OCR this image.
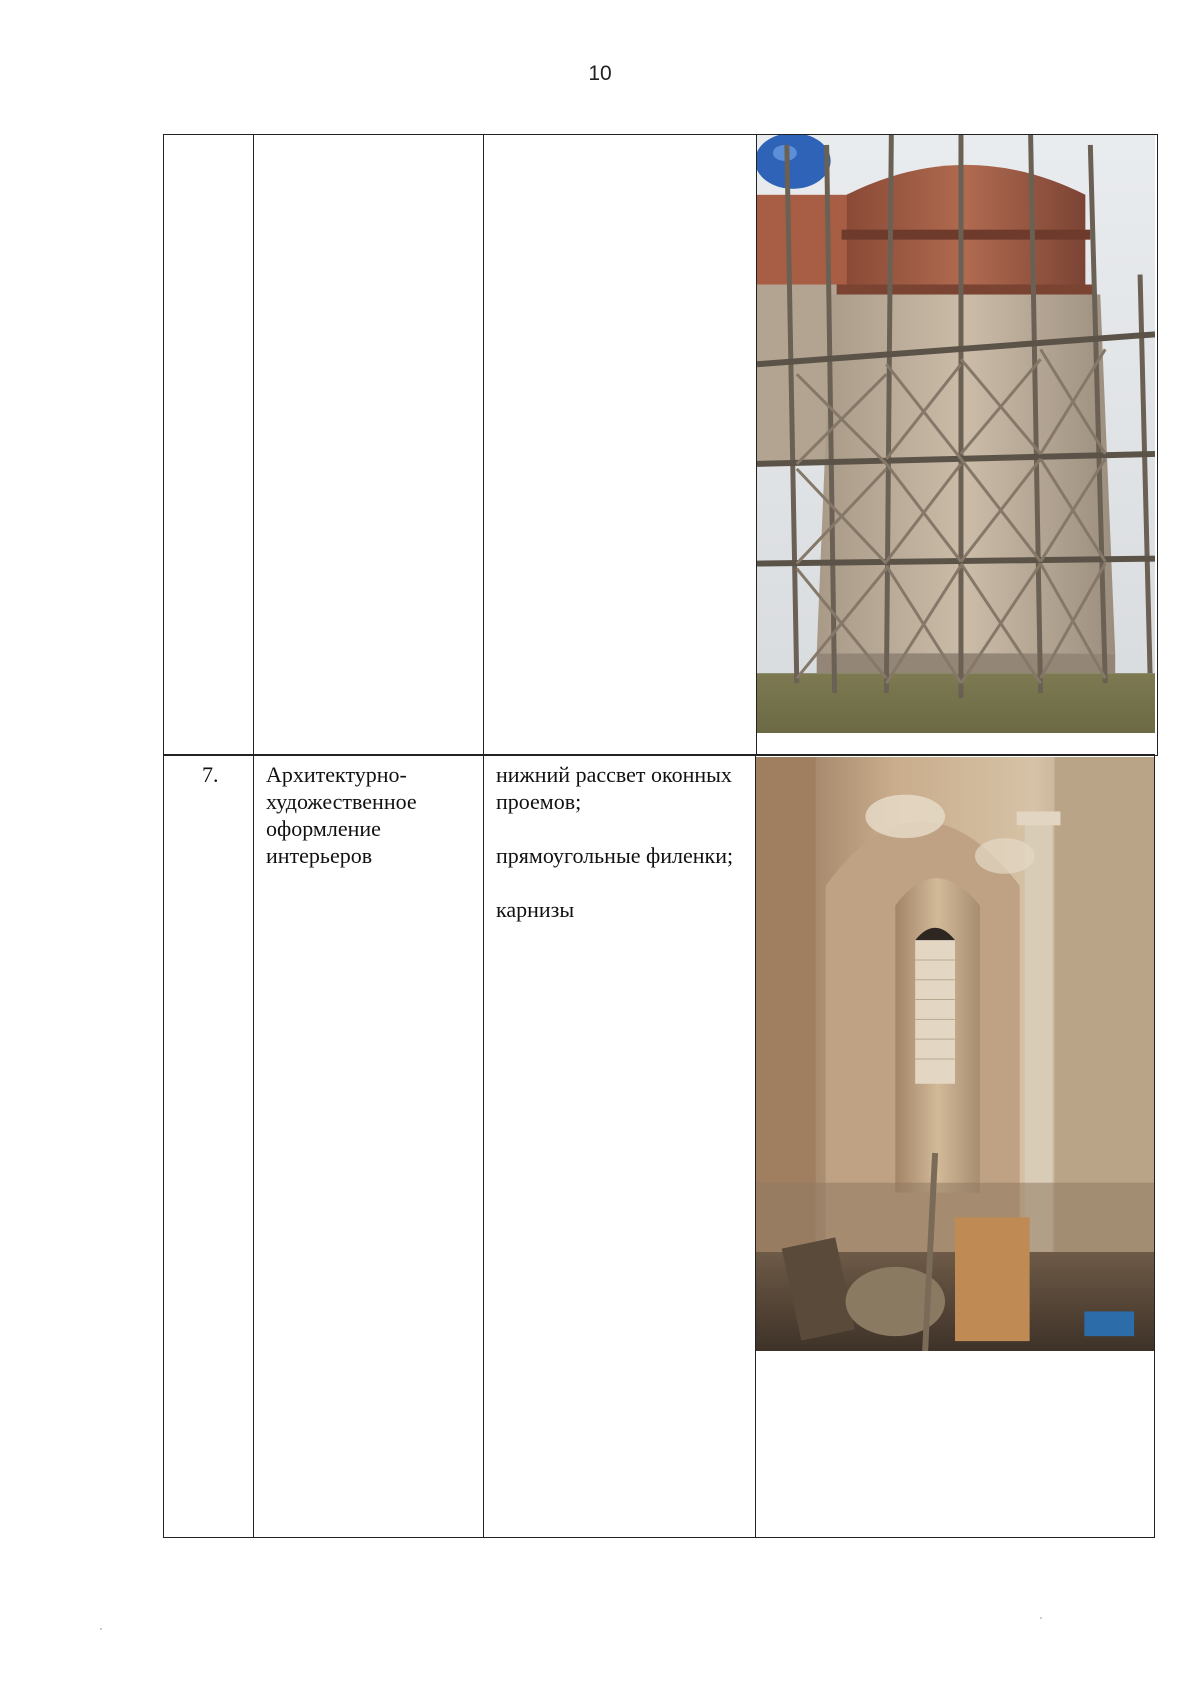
10
7.	Архитектурно-
художественное
оформление
интерьеров
нижний рассвет оконных проемов;
прямоугольные филенки;
карнизы
